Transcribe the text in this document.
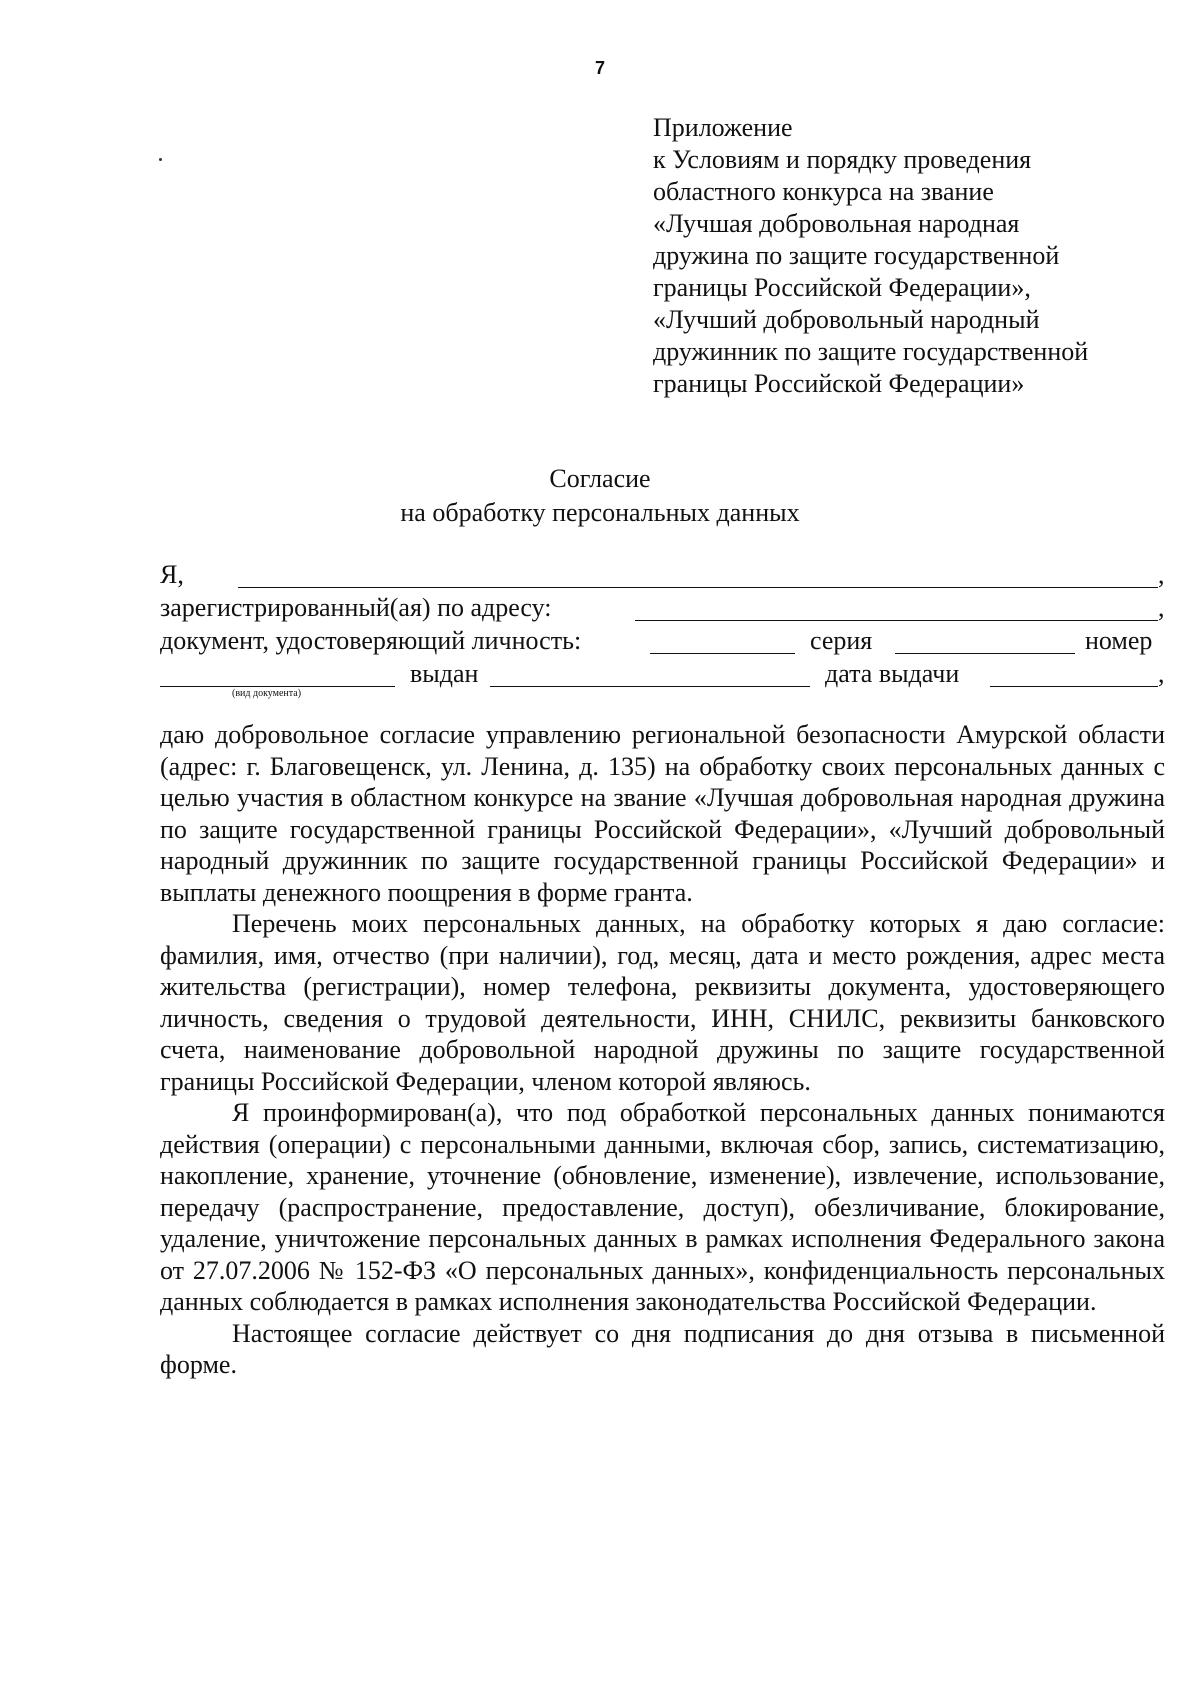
7
Приложение
к Условиям и порядку проведения
областного конкурса на звание
«Лучшая добровольная народная
дружина по защите государственной
границы Российской Федерации»,
«Лучший добровольный народный
дружинник по защите государственной
границы Российской Федерации»
Согласие
на обработку персональных данных
Я,	,
зарегистрированный(ая) по адресу:	,
документ, удостоверяющий личность:	серия	номер
выдан	дата выдачи	,
(вид документа)

даю добровольное согласие управлению региональной безопасности Амурской области (адрес: г. Благовещенск, ул. Ленина, д. 135) на обработку своих персональных данных с целью участия в областном конкурсе на звание «Лучшая добровольная народная дружина по защите государственной границы Российской Федерации», «Лучший добровольный народный дружинник по защите государственной границы Российской Федерации» и выплаты денежного поощрения в форме гранта.

Перечень моих персональных данных, на обработку которых я даю согласие: фамилия, имя, отчество (при наличии), год, месяц, дата и место рождения, адрес места жительства (регистрации), номер телефона, реквизиты документа, удостоверяющего личность, сведения о трудовой деятельности, ИНН, СНИЛС, реквизиты банковского счета, наименование добровольной народной дружины по защите государственной границы Российской Федерации, членом которой являюсь.

Я проинформирован(а), что под обработкой персональных данных понимаются действия (операции) с персональными данными, включая сбор, запись, систематизацию, накопление, хранение, уточнение (обновление, изменение), извлечение, использование, передачу (распространение, предоставление, доступ), обезличивание, блокирование, удаление, уничтожение персональных данных в рамках исполнения Федерального закона от 27.07.2006 № 152-ФЗ «О персональных данных», конфиденциальность персональных данных соблюдается в рамках исполнения законодательства Российской Федерации.

Настоящее согласие действует со дня подписания до дня отзыва в письменной форме.
